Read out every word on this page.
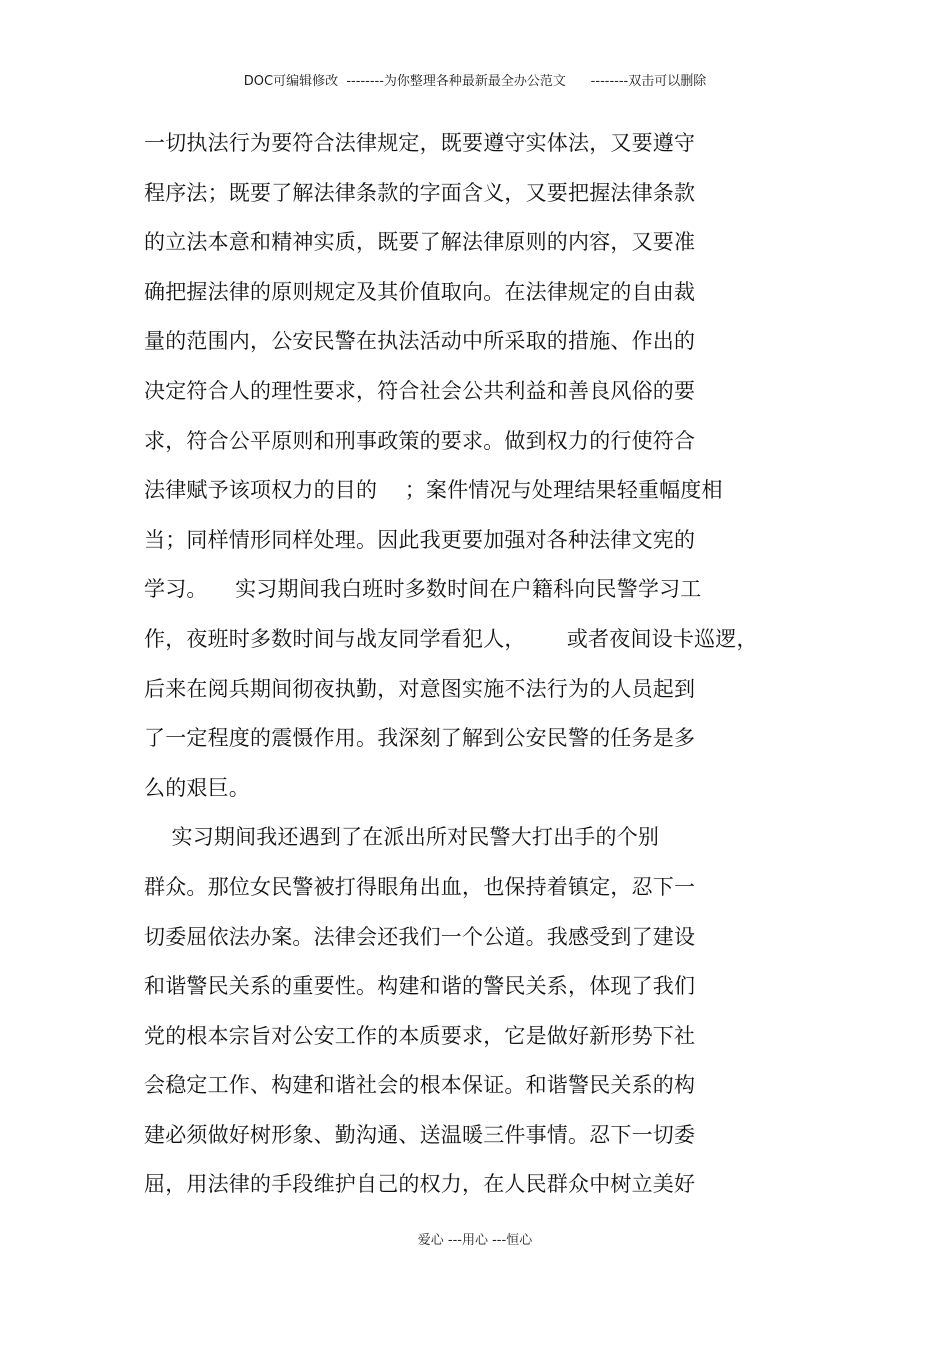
DOC可编辑修改  --------为你整理各种最新最全办公范文      --------双击可以删除
一切执法行为要符合法律规定，既要遵守实体法，又要遵守
程序法；既要了解法律条款的字面含义，又要把握法律条款
的立法本意和精神实质，既要了解法律原则的内容，又要准
确把握法律的原则规定及其价值取向。在法律规定的自由裁
量的范围内，公安民警在执法活动中所采取的措施、作出的
决定符合人的理性要求，符合社会公共利益和善良风俗的要
求，符合公平原则和刑事政策的要求。做到权力的行使符合
法律赋予该项权力的目的    ；案件情况与处理结果轻重幅度相
当；同样情形同样处理。因此我更要加强对各种法律文宪的
学习。    实习期间我白班时多数时间在户籍科向民警学习工
作，夜班时多数时间与战友同学看犯人，      或者夜间设卡巡逻，
后来在阅兵期间彻夜执勤，对意图实施不法行为的人员起到
了一定程度的震慑作用。我深刻了解到公安民警的任务是多
么的艰巨。
实习期间我还遇到了在派出所对民警大打出手的个别
群众。那位女民警被打得眼角出血，也保持着镇定，忍下一
切委屈依法办案。法律会还我们一个公道。我感受到了建设
和谐警民关系的重要性。构建和谐的警民关系，体现了我们
党的根本宗旨对公安工作的本质要求，它是做好新形势下社
会稳定工作、构建和谐社会的根本保证。和谐警民关系的构
建必须做好树形象、勤沟通、送温暖三件事情。忍下一切委
屈，用法律的手段维护自己的权力，在人民群众中树立美好
爱心 ---用心 ---恒心
